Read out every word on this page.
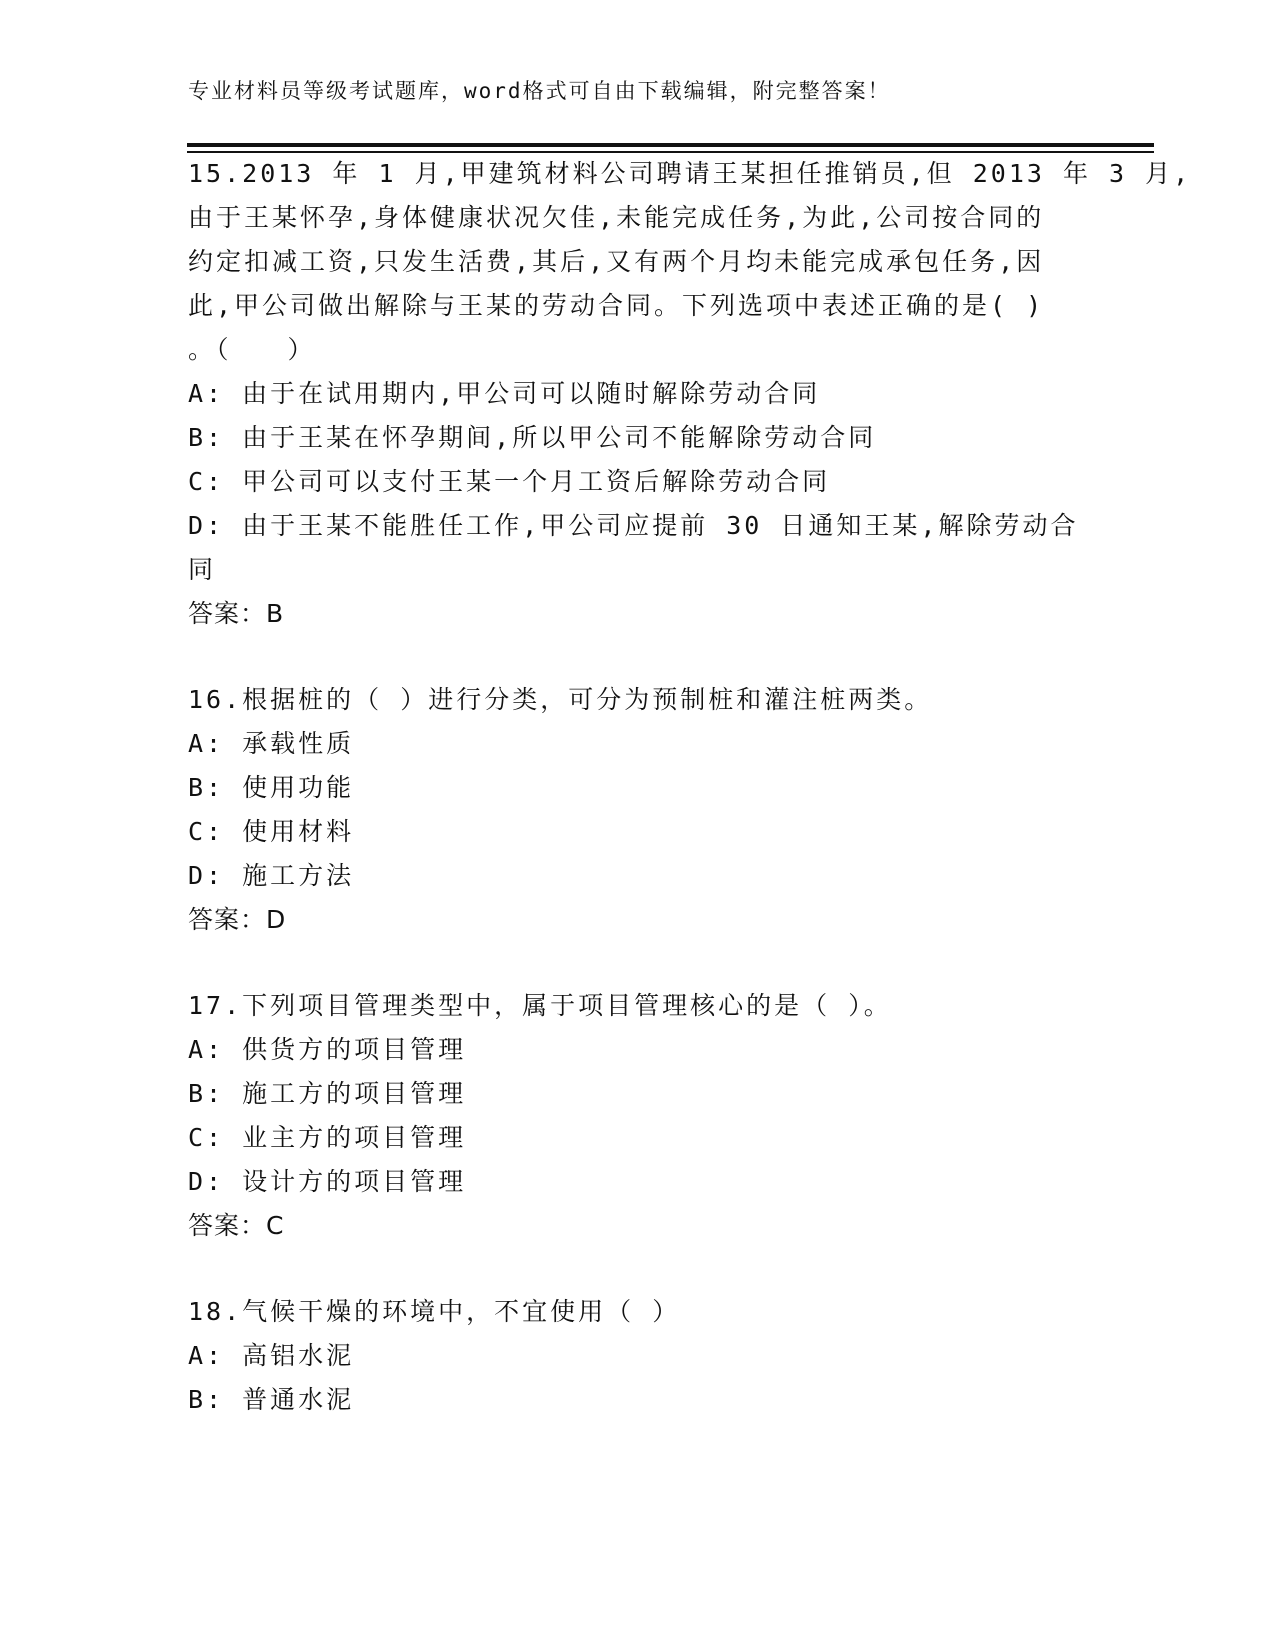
专业材料员等级考试题库，word格式可自由下载编辑，附完整答案！
15.2013 年 1 月,甲建筑材料公司聘请王某担任推销员,但 2013 年 3 月,
由于王某怀孕,身体健康状况欠佳,未能完成任务,为此,公司按合同的
约定扣减工资,只发生活费,其后,又有两个月均未能完成承包任务,因
此,甲公司做出解除与王某的劳动合同。下列选项中表述正确的是( )
。（　　）
A: 由于在试用期内,甲公司可以随时解除劳动合同
B: 由于王某在怀孕期间,所以甲公司不能解除劳动合同
C: 甲公司可以支付王某一个月工资后解除劳动合同
D: 由于王某不能胜任工作,甲公司应提前 30 日通知王某,解除劳动合
同
答案：B
16.根据桩的（ ）进行分类，可分为预制桩和灌注桩两类。
A: 承载性质
B: 使用功能
C: 使用材料
D: 施工方法
答案：D
17.下列项目管理类型中，属于项目管理核心的是（ ）。
A: 供货方的项目管理
B: 施工方的项目管理
C: 业主方的项目管理
D: 设计方的项目管理
答案：C
18.气候干燥的环境中，不宜使用（ ）
A: 高铝水泥
B: 普通水泥
